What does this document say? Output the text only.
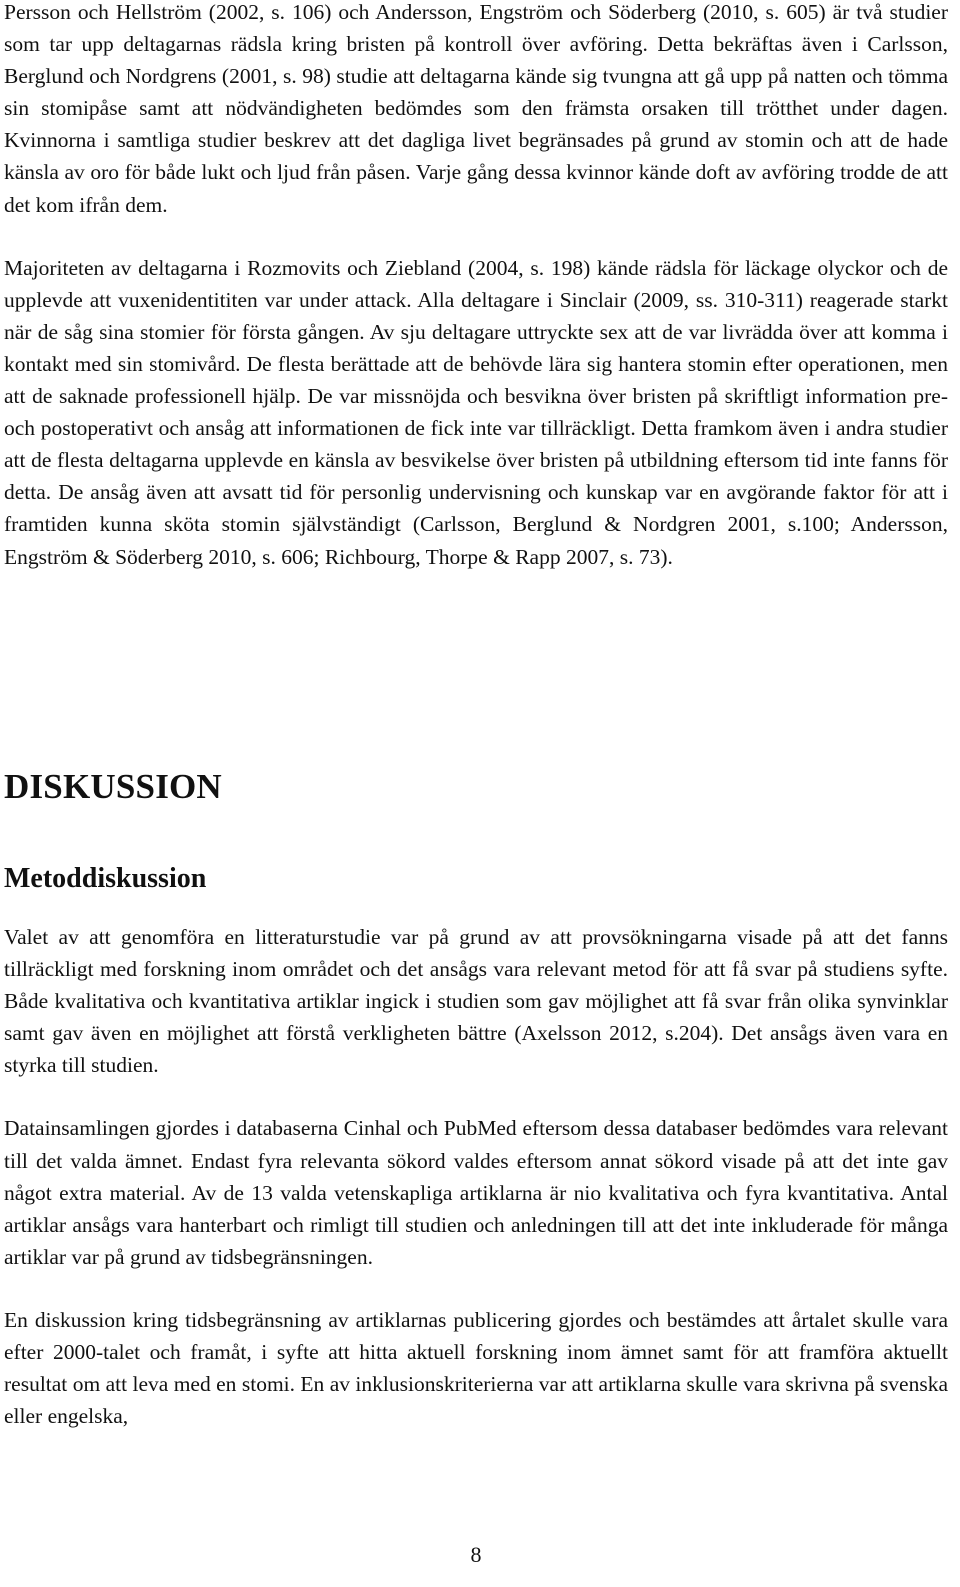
Persson och Hellström (2002, s. 106) och Andersson, Engström och Söderberg (2010, s. 605) är två studier som tar upp deltagarnas rädsla kring bristen på kontroll över avföring. Detta bekräftas även i Carlsson, Berglund och Nordgrens (2001, s. 98) studie att deltagarna kände sig tvungna att gå upp på natten och tömma sin stomipåse samt att nödvändigheten bedömdes som den främsta orsaken till trötthet under dagen. Kvinnorna i samtliga studier beskrev att det dagliga livet begränsades på grund av stomin och att de hade känsla av oro för både lukt och ljud från påsen. Varje gång dessa kvinnor kände doft av avföring trodde de att det kom ifrån dem.

Majoriteten av deltagarna i Rozmovits och Ziebland (2004, s. 198) kände rädsla för läckage olyckor och de upplevde att vuxenidentititen var under attack. Alla deltagare i Sinclair (2009, ss. 310-311) reagerade starkt när de såg sina stomier för första gången. Av sju deltagare uttryckte sex att de var livrädda över att komma i kontakt med sin stomivård. De flesta berättade att de behövde lära sig hantera stomin efter operationen, men att de saknade professionell hjälp. De var missnöjda och besvikna över bristen på skriftligt information pre- och postoperativt och ansåg att informationen de fick inte var tillräckligt. Detta framkom även i andra studier att de flesta deltagarna upplevde en känsla av besvikelse över bristen på utbildning eftersom tid inte fanns för detta. De ansåg även att avsatt tid för personlig undervisning och kunskap var en avgörande faktor för att i framtiden kunna sköta stomin självständigt (Carlsson, Berglund & Nordgren 2001, s.100; Andersson, Engström & Söderberg 2010, s. 606; Richbourg, Thorpe & Rapp 2007, s. 73).

DISKUSSION
Metoddiskussion

Valet av att genomföra en litteraturstudie var på grund av att provsökningarna visade på att det fanns tillräckligt med forskning inom området och det ansågs vara relevant metod för att få svar på studiens syfte. Både kvalitativa och kvantitativa artiklar ingick i studien som gav möjlighet att få svar från olika synvinklar samt gav även en möjlighet att förstå verkligheten bättre (Axelsson 2012, s.204). Det ansågs även vara en styrka till studien.

Datainsamlingen gjordes i databaserna Cinhal och PubMed eftersom dessa databaser bedömdes vara relevant till det valda ämnet. Endast fyra relevanta sökord valdes eftersom annat sökord visade på att det inte gav något extra material. Av de 13 valda vetenskapliga artiklarna är nio kvalitativa och fyra kvantitativa. Antal artiklar ansågs vara hanterbart och rimligt till studien och anledningen till att det inte inkluderade för många artiklar var på grund av tidsbegränsningen.

En diskussion kring tidsbegränsning av artiklarnas publicering gjordes och bestämdes att årtalet skulle vara efter 2000-talet och framåt, i syfte att hitta aktuell forskning inom ämnet samt för att framföra aktuellt resultat om att leva med en stomi. En av inklusionskriterierna var att artiklarna skulle vara skrivna på svenska eller engelska,

8
